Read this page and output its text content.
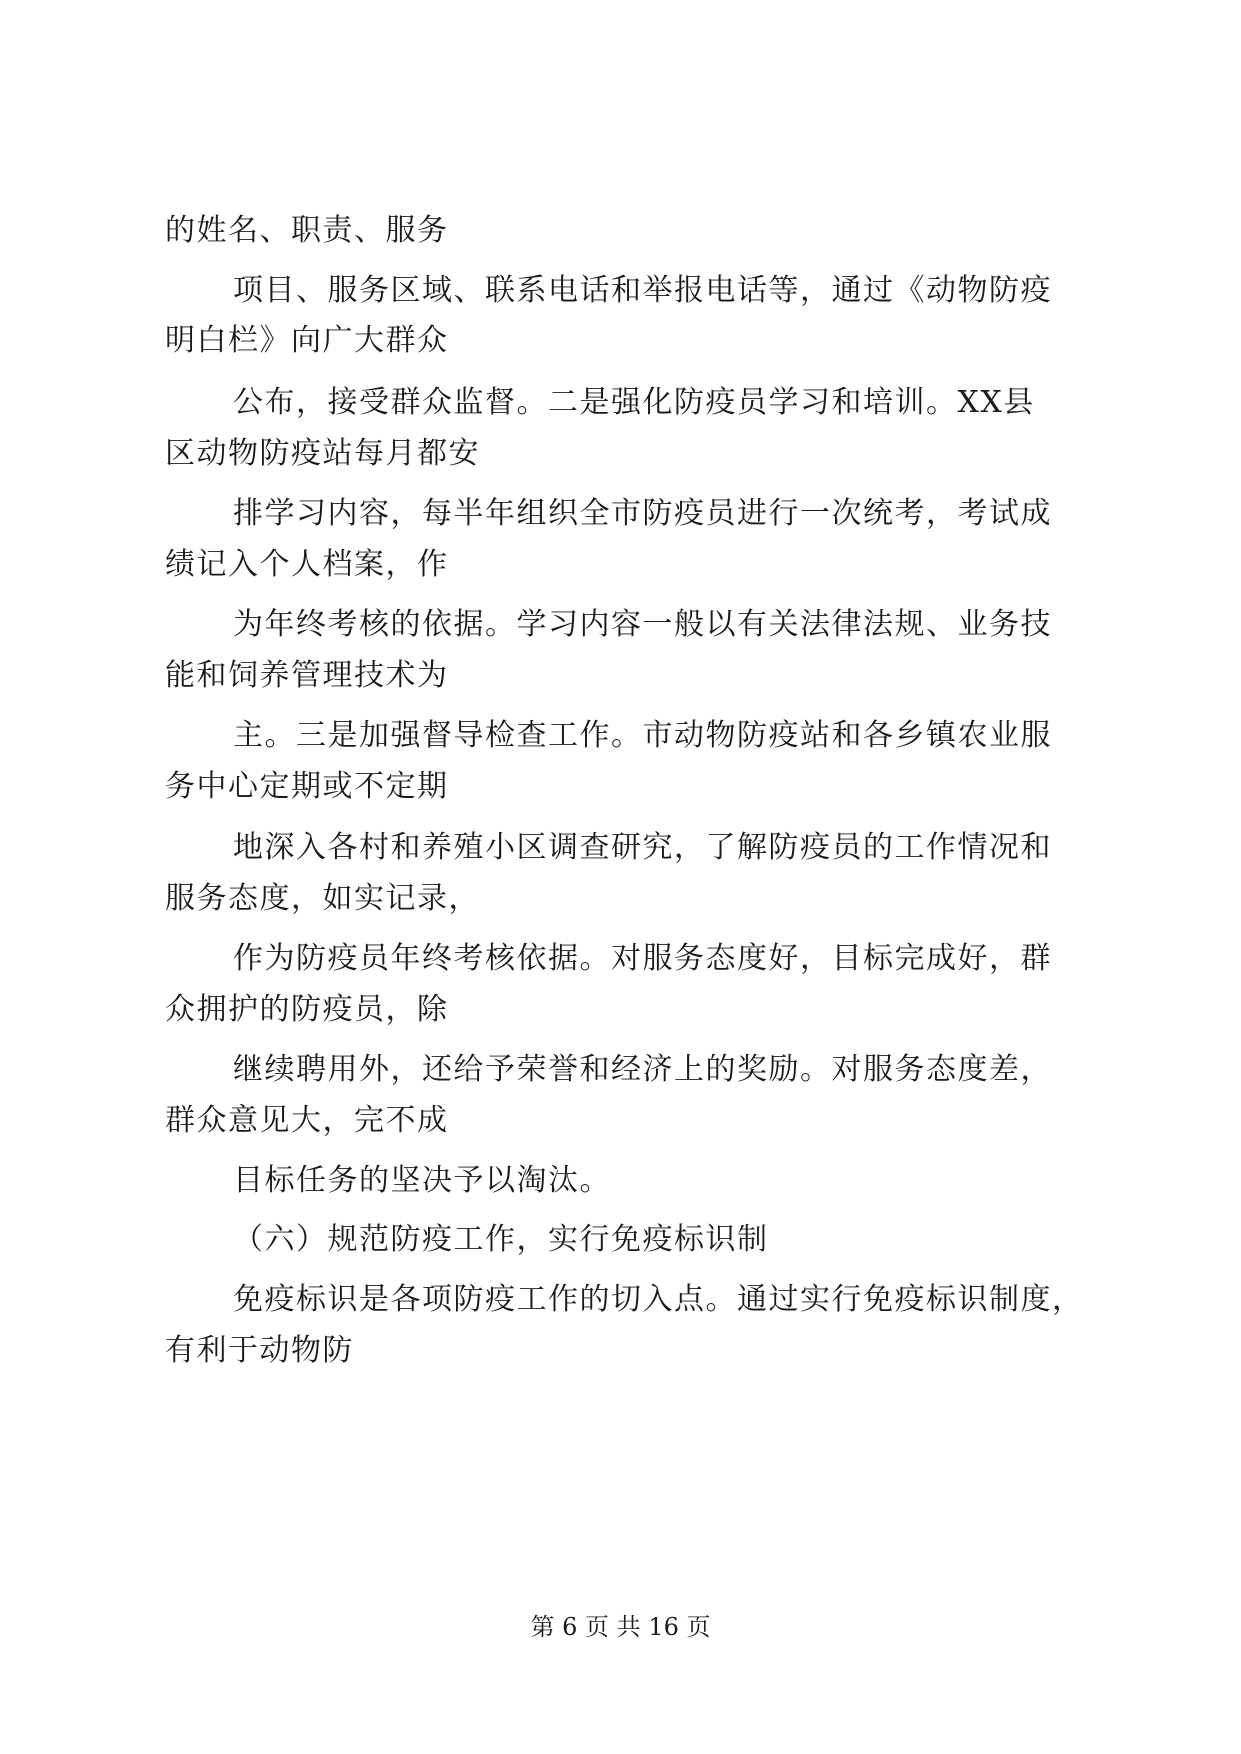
的姓名、职责、服务
项目、服务区域、联系电话和举报电话等，通过《动物防疫
明白栏》向广大群众
公布，接受群众监督。二是强化防疫员学习和培训。XX县
区动物防疫站每月都安
排学习内容，每半年组织全市防疫员进行一次统考，考试成
绩记入个人档案，作
为年终考核的依据。学习内容一般以有关法律法规、业务技
能和饲养管理技术为
主。三是加强督导检查工作。市动物防疫站和各乡镇农业服
务中心定期或不定期
地深入各村和养殖小区调查研究，了解防疫员的工作情况和
服务态度，如实记录，
作为防疫员年终考核依据。对服务态度好，目标完成好，群
众拥护的防疫员，除
继续聘用外，还给予荣誉和经济上的奖励。对服务态度差，
群众意见大，完不成
目标任务的坚决予以淘汰。
（六）规范防疫工作，实行免疫标识制
免疫标识是各项防疫工作的切入点。通过实行免疫标识制度，
有利于动物防
第 6 页 共 16 页
